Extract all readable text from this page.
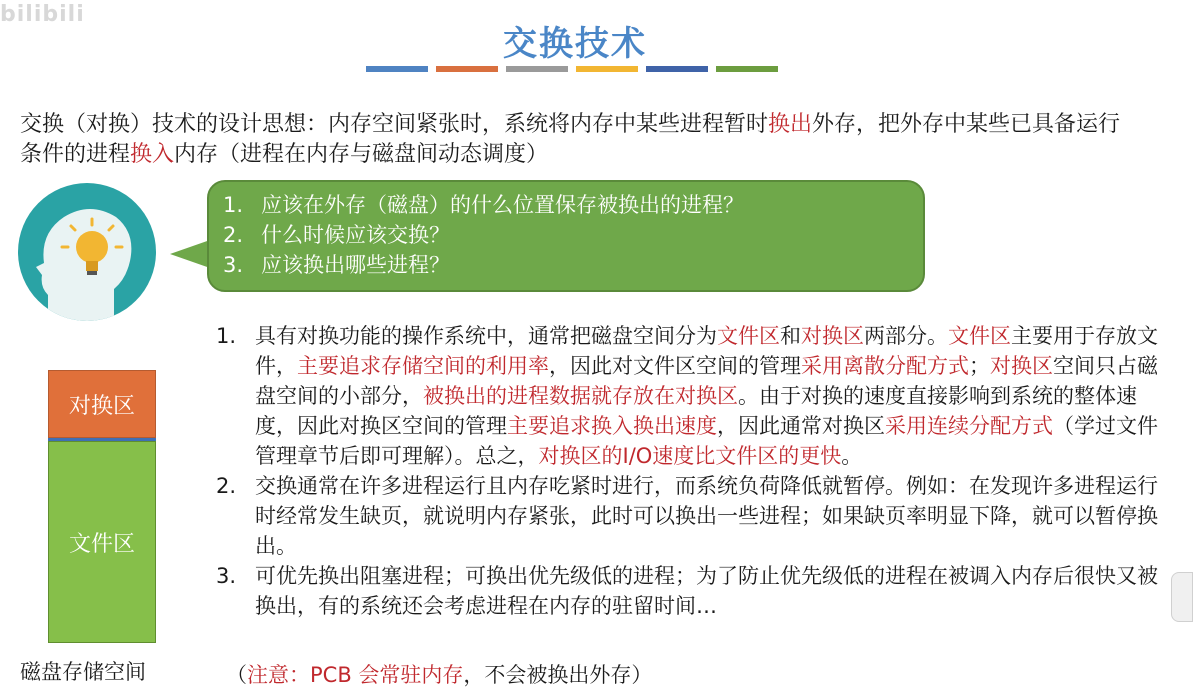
bilibili
交换技术
交换（对换）技术的设计思想：内存空间紧张时，系统将内存中某些进程暂时换出外存，把外存中某些已具备运行条件的进程换入内存（进程在内存与磁盘间动态调度）
1. 应该在外存（磁盘）的什么位置保存被换出的进程？
2. 什么时候应该交换？
3. 应该换出哪些进程？
对换区
文件区
磁盘存储空间
1. 具有对换功能的操作系统中，通常把磁盘空间分为文件区和对换区两部分。文件区主要用于存放文件，主要追求存储空间的利用率，因此对文件区空间的管理采用离散分配方式；对换区空间只占磁盘空间的小部分，被换出的进程数据就存放在对换区。由于对换的速度直接影响到系统的整体速度，因此对换区空间的管理主要追求换入换出速度，因此通常对换区采用连续分配方式（学过文件管理章节后即可理解）。总之，对换区的I/O速度比文件区的更快。
2. 交换通常在许多进程运行且内存吃紧时进行，而系统负荷降低就暂停。例如：在发现许多进程运行时经常发生缺页，就说明内存紧张，此时可以换出一些进程；如果缺页率明显下降，就可以暂停换出。
3. 可优先换出阻塞进程；可换出优先级低的进程；为了防止优先级低的进程在被调入内存后很快又被换出，有的系统还会考虑进程在内存的驻留时间…
（注意：PCB 会常驻内存，不会被换出外存）
